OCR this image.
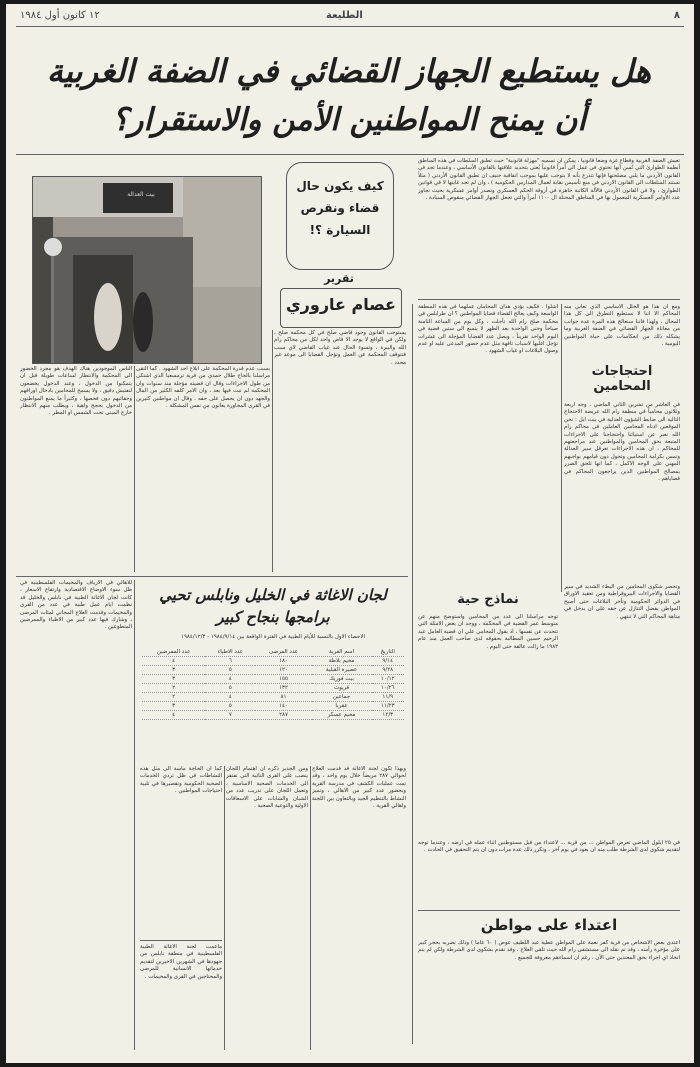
١٢ كانون أول ١٩٨٤	الطليعة	٨
هل يستطيع الجهاز القضائي في الضفة الغربية
أن يمنح المواطنين الأمن والاستقرار؟
تعيش الضفة الغربية وقطاع غزة وضعاً قانونياً ، يمكن ان نسميه "مهزلة قانونية" حيث تطبق السلطات في هذه المناطق أنظمة الطوارئ التي تُسن أنها تحتوي في عمل الى أمراً قانونياً يُعنى بتحديد علاقتها بالقانون الأساسي ، وعندما تجد في القانون الأردني ما يلبي مصلحتها فإنها تتذرع بأنه لا يتوجب عليها بموجب اتفاقية جنيف ان تطبق القانون الأردني ( مثلاً تستند السلطات الى القانون الاردني في منع تأسيس نقابة لعمال المدارس الحكومية ) ، وان لم تجد غايتها لا في قوانين الطوارئ ، ولا في القانون الأردني فالآلة الكاتبة جاهزة في أروقة الحكم العسكري وتصدر أوامر عسكرية بحيث تجاوز عدد الأوامر العسكرية المعمول بها في المناطق المحتلة ال ١١٠٠ أمراً والتي تجعل الجهاز القضائي منقوص السيادة .
كيف يكون حال
قضاء ونقرص
السيارة ؟!
تقرير
عصام عاروري
بيت العدالة
ومع ان هذا هو الخلل الاساسي الذي تعاني منه المحاكم الا اننا لا نستطيع التطرق الى كل هذا المجال ، ولهذا فاننا سنعالج هذه المرة عدة جوانب من معاناة الجهاز القضائي في الضفة الغربية وما يشكله ذلك من انعكاسات على حياة المواطنين اليومية .
احتجاجات المحامين
في العاشر من تشرين الثاني الماضي ، وجه اربعة وثلاثون محامياً في منطقة رام الله عريضة الاحتجاج التالية الى ضابط الشؤون العدلية في بيت ايل : نحن الموقعين ادناه المحامين العاملين في محاكم رام الله نعبر عن استيائنا واحتجاجنا على الاجراءات المتبعة بحق المحامين والمواطنين عند مراجعتهم للمحاكم ، ان هذه الاجراءات تعرقل سير العدالة وتمس بكرامة المحامين وتحول دون قيامهم بواجبهم المهني على الوجه الاكمل ، كما انها تلحق الضرر بمصالح المواطنين الذين يراجعون المحاكم في قضاياهم .
اشلوا . فكيف يؤدي هذان المحامان عملهما في هذه المنطقة الواسعة وكيف يعالج القضاء قضايا المواطنين ؟ ان طرابلس في محكمة صلح رام الله تأجلت ، وكل يوم من الساعة الثامنة صباحاً وحتى الواحدة بعد الظهر لا يتسع الى ستين قضية في اليوم الواحد تقريباً ، ويصل عدد القضايا المؤجلة الى عشرات تؤجل اغلبها لاسباب تافهة مثل عدم حضور المدعى عليه او عدم وصول البلاغات او غياب الشهود .
نماذج حية
توجه مراسلنا الى عدد من المحامين واستوضح منهم عن متوسط عمر القضية في المحكمة ، ووجد ان بعض الامثلة التي تتحدث عن نفسها ، اذ يقول المحامي علي ان قضية العامل عبد الرحيم حسين المطالبة بحقوقه لدى صاحب العمل منذ عام ١٩٨٣ ما زالت عالقة حتى اليوم .
وتحضر شكوى المحامين من البطء الشديد في سير القضايا والاجراءات البيروقراطية ومن تعقيد الاوراق في الدوائر الحكومية وتأخر البلاغات حتى أصبح المواطن يفضل التنازل عن حقه على ان يدخل في متاهة المحاكم التي لا تنتهي .
في ٢٥ ايلول الماضي تعرض المواطن ... من قرية ... لاعتداء من قبل مستوطنين اثناء عمله في ارضه ، وعندما توجه لتقديم شكوى لدى الشرطة طلب منه ان يعود في يوم آخر ، وتكرر ذلك عدة مرات دون ان يتم التحقيق في الحادث .
اعتداء على مواطن
اعتدى بعض الاشخاص من قرية كفر نعمة على المواطن عطية عبد اللطيف عوض ( ٦٠ عاماً ) وذلك بضربه بحجر كبير على مؤخرة رأسه ، وقد تم نقله الى مستشفى رام الله حيث تلقى العلاج ، وقد تقدم بشكوى لدى الشرطة ولكن لم يتم اتخاذ اي اجراء بحق المعتدين حتى الآن ، رغم ان اسماءهم معروفة للجميع .
يستوجب القانون وجود قاضي صلح في كل محكمة صلح ، ولكن في الواقع لا يوجد الا قاض واحد لكل من محاكم رام الله والبيرة ، وتسوء الحال عند غياب القاضي لاي سبب فتتوقف المحكمة عن العمل وتؤجل القضايا الى موعد غير محدد .
بسبب عدم قدرة المحكمة على ابلاغ احد الشهود . كما التقى مراسلنا بالحاج طلال حمدي من قرية ترمسعيا الذي اشتكى من طول الاجراءات وقال ان قضيته مؤجلة منذ سنوات وان المحكمة لم تبت فيها بعد ، وان الامر كلفه الكثير من المال والجهد دون ان يحصل على حقه . وقال ان مواطنين كثيرين في القرى المجاورة يعانون من نفس المشكلة .
الناس الموجودين هناك الهدف هو مجرد الحضور الى المحكمة والانتظار لساعات طويلة قبل ان يتمكنوا من الدخول ، وعند الدخول يخضعون لتفتيش دقيق ، ولا يسمح للمحامين بادخال اوراقهم وحقائبهم دون فحصها ، وكثيراً ما يمنع المواطنون من الدخول بحجج واهية ، ويطلب منهم الانتظار خارج المبنى تحت الشمس او المطر .
للاهالي في الارياف والمخيمات الفلسطينية في ظل سوء الاوضاع الاقتصادية وارتفاع الاسعار ، كانت لجان الاغاثة الطبية في نابلس والخليل قد نظمت ايام عمل طبية في عدد من القرى والمخيمات وقدمت العلاج المجاني لمئات المرضى ، وشارك فيها عدد كبير من الاطباء والممرضين المتطوعين .
لجان الاغاثة في الخليل ونابلس تحيي برامجها بنجاح كبير
الاحصاء الاول بالنسبة للأيام الطبية في الفترة الواقعة بين ١٩٨٤/٩/١٤ - ١٩٨٤/١٢/٣
التاريخ	اسم القرية	عدد المرضى	عدد الاطباء	عدد الممرضين
٩/١٤	مخيم بلاطة	١٨٠	٦	٤
٩/٢٨	عصيرة القبلية	١٢٠	٥	٣
١٠/١٢	بيت فوريك	١٥٥	٤	٣
١٠/٢٦	قريوت	١٣٢	٥	٢
١١/٩	جماعين	٨١	٤	٢
١١/٢٣	عقربا	١٤٠	٥	٣
١٢/٣	مخيم عسكر	٢٨٧	٧	٤
وبهذا تكون لجنة الاغاثة قد قدمت العلاج لحوالي ٢٨٧ مريضاً خلال يوم واحد ، وقد تمت عمليات الكشف في مدرسة القرية وبحضور عدد كبير من الاهالي ، وتميز النشاط بالتنظيم الجيد وبالتعاون بين اللجنة واهالي القرية .
ومن الجدير ذكره ان اهتمام اللجان ينصب على القرى النائية التي تفتقر الى الخدمات الصحية الاساسية ، وتعمل اللجان على تدريب عدد من الشبان والشابات على الاسعافات الاولية والتوعية الصحية .
كما ان الحاجة ماسة الى مثل هذه النشاطات في ظل تردي الخدمات الصحية الحكومية وتقصيرها في تلبية احتياجات المواطنين .
ماعمت لجنة الاغاثة الطبية الفلسطينية في منطقة نابلس من جهودها في الشهرين الاخيرين لتقديم خدماتها الانسانية للمرضى والمحتاجين في القرى والمخيمات .
